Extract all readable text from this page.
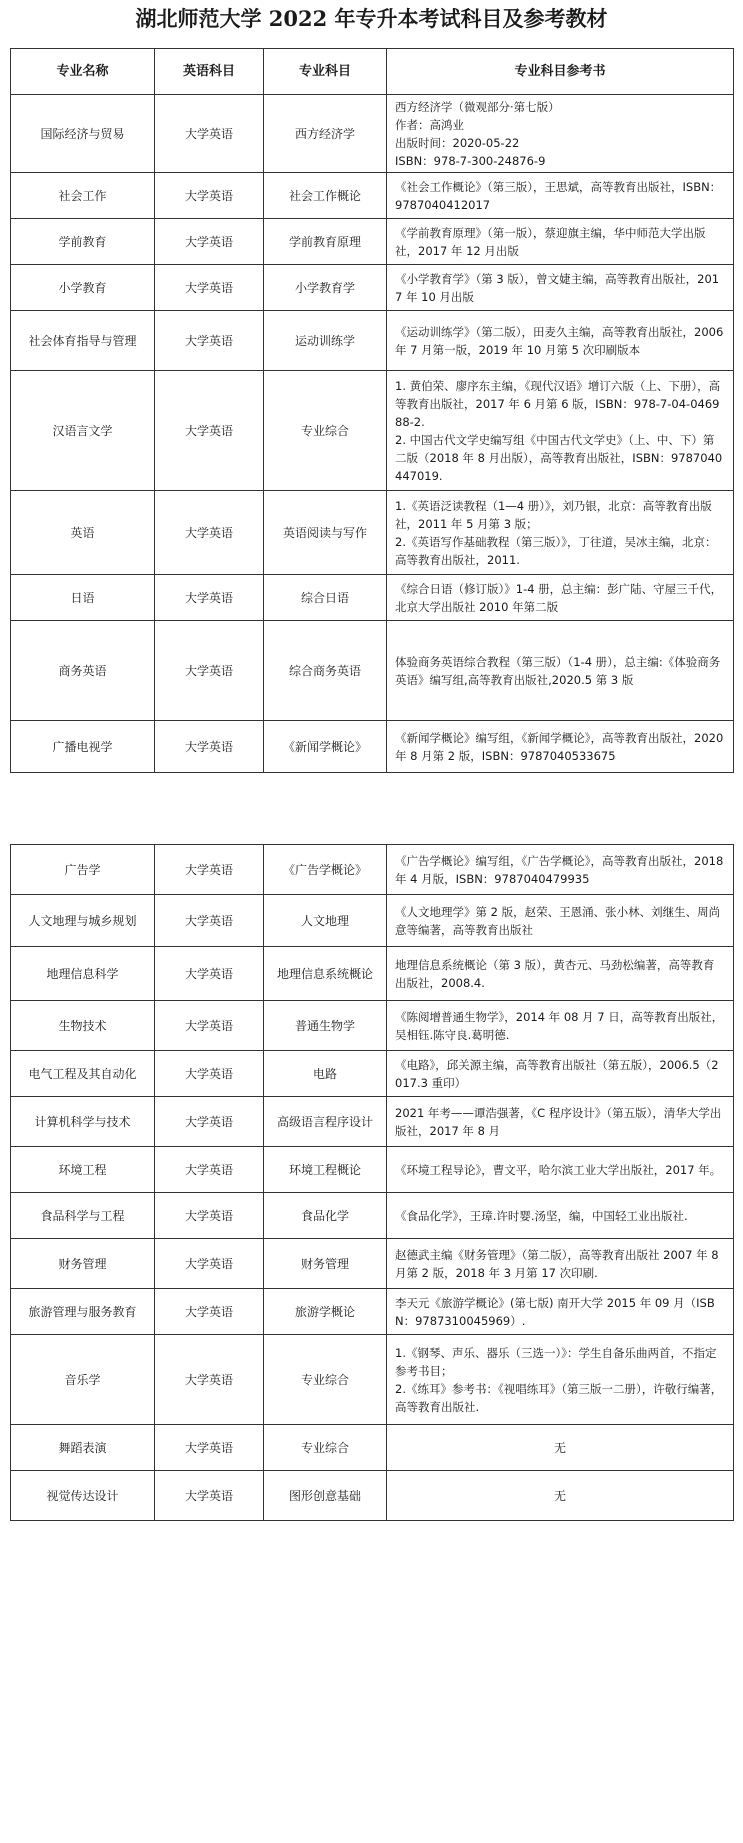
湖北师范大学 2022 年专升本考试科目及参考教材
专业名称	英语科目	专业科目	专业科目参考书
国际经济与贸易	大学英语	西方经济学	西方经济学（微观部分·第七版）
作者：高鸿业
出版时间：2020-05-22
ISBN：978-7-300-24876-9
社会工作	大学英语	社会工作概论	《社会工作概论》（第三版），王思斌，高等教育出版社，ISBN：9787040412017
学前教育	大学英语	学前教育原理	《学前教育原理》（第一版），蔡迎旗主编，华中师范大学出版社，2017 年 12 月出版
小学教育	大学英语	小学教育学	《小学教育学》（第 3 版），曾文婕主编，高等教育出版社，2017 年 10 月出版
社会体育指导与管理	大学英语	运动训练学	《运动训练学》（第二版），田麦久主编，高等教育出版社，2006 年 7 月第一版，2019 年 10 月第 5 次印刷版本
汉语言文学	大学英语	专业综合	1. 黄伯荣、廖序东主编，《现代汉语》增订六版（上、下册），高等教育出版社，2017 年 6 月第 6 版，ISBN：978-7-04-046988-2.
2. 中国古代文学史编写组《中国古代文学史》（上、中、下）第二版（2018 年 8 月出版），高等教育出版社，ISBN：9787040447019.
英语	大学英语	英语阅读与写作	1.《英语泛读教程（1—4 册）》，刘乃银，北京：高等教育出版社，2011 年 5 月第 3 版；
2.《英语写作基础教程（第三版）》，丁往道，吴冰主编，北京：高等教育出版社，2011.
日语	大学英语	综合日语	《综合日语（修订版）》1-4 册，总主编：彭广陆、守屋三千代，北京大学出版社 2010 年第二版
商务英语	大学英语	综合商务英语	体验商务英语综合教程（第三版）（1-4 册），总主编:《体验商务英语》编写组,高等教育出版社,2020.5 第 3 版
广播电视学	大学英语	《新闻学概论》	《新闻学概论》编写组，《新闻学概论》，高等教育出版社，2020 年 8 月第 2 版，ISBN：9787040533675
广告学	大学英语	《广告学概论》	《广告学概论》编写组，《广告学概论》，高等教育出版社，2018 年 4 月版，ISBN：9787040479935
人文地理与城乡规划	大学英语	人文地理	《人文地理学》第 2 版，赵荣、王恩涌、张小林、刘继生、周尚意等编著，高等教育出版社
地理信息科学	大学英语	地理信息系统概论	地理信息系统概论（第 3 版），黄杏元、马劲松编著，高等教育出版社，2008.4.
生物技术	大学英语	普通生物学	《陈阅增普通生物学》，2014 年 08 月 7 日，高等教育出版社，吴相钰.陈守良.葛明德.
电气工程及其自动化	大学英语	电路	《电路》，邱关源主编，高等教育出版社（第五版），2006.5（2017.3 重印）
计算机科学与技术	大学英语	高级语言程序设计	2021 年考——谭浩强著，《C 程序设计》（第五版），清华大学出版社，2017 年 8 月
环境工程	大学英语	环境工程概论	《环境工程导论》，曹文平，哈尔滨工业大学出版社，2017 年。
食品科学与工程	大学英语	食品化学	《食品化学》，王璋.许时婴.汤坚，编，中国轻工业出版社.
财务管理	大学英语	财务管理	赵德武主编《财务管理》（第二版），高等教育出版社 2007 年 8 月第 2 版，2018 年 3 月第 17 次印刷.
旅游管理与服务教育	大学英语	旅游学概论	李天元《旅游学概论》(第七版) 南开大学 2015 年 09 月（ISBN：9787310045969）.
音乐学	大学英语	专业综合	1.《钢琴、声乐、器乐（三选一）》：学生自备乐曲两首，不指定参考书目；
2.《练耳》参考书：《视唱练耳》（第三版一二册），许敬行编著，高等教育出版社.
舞蹈表演	大学英语	专业综合	无
视觉传达设计	大学英语	图形创意基础	无
